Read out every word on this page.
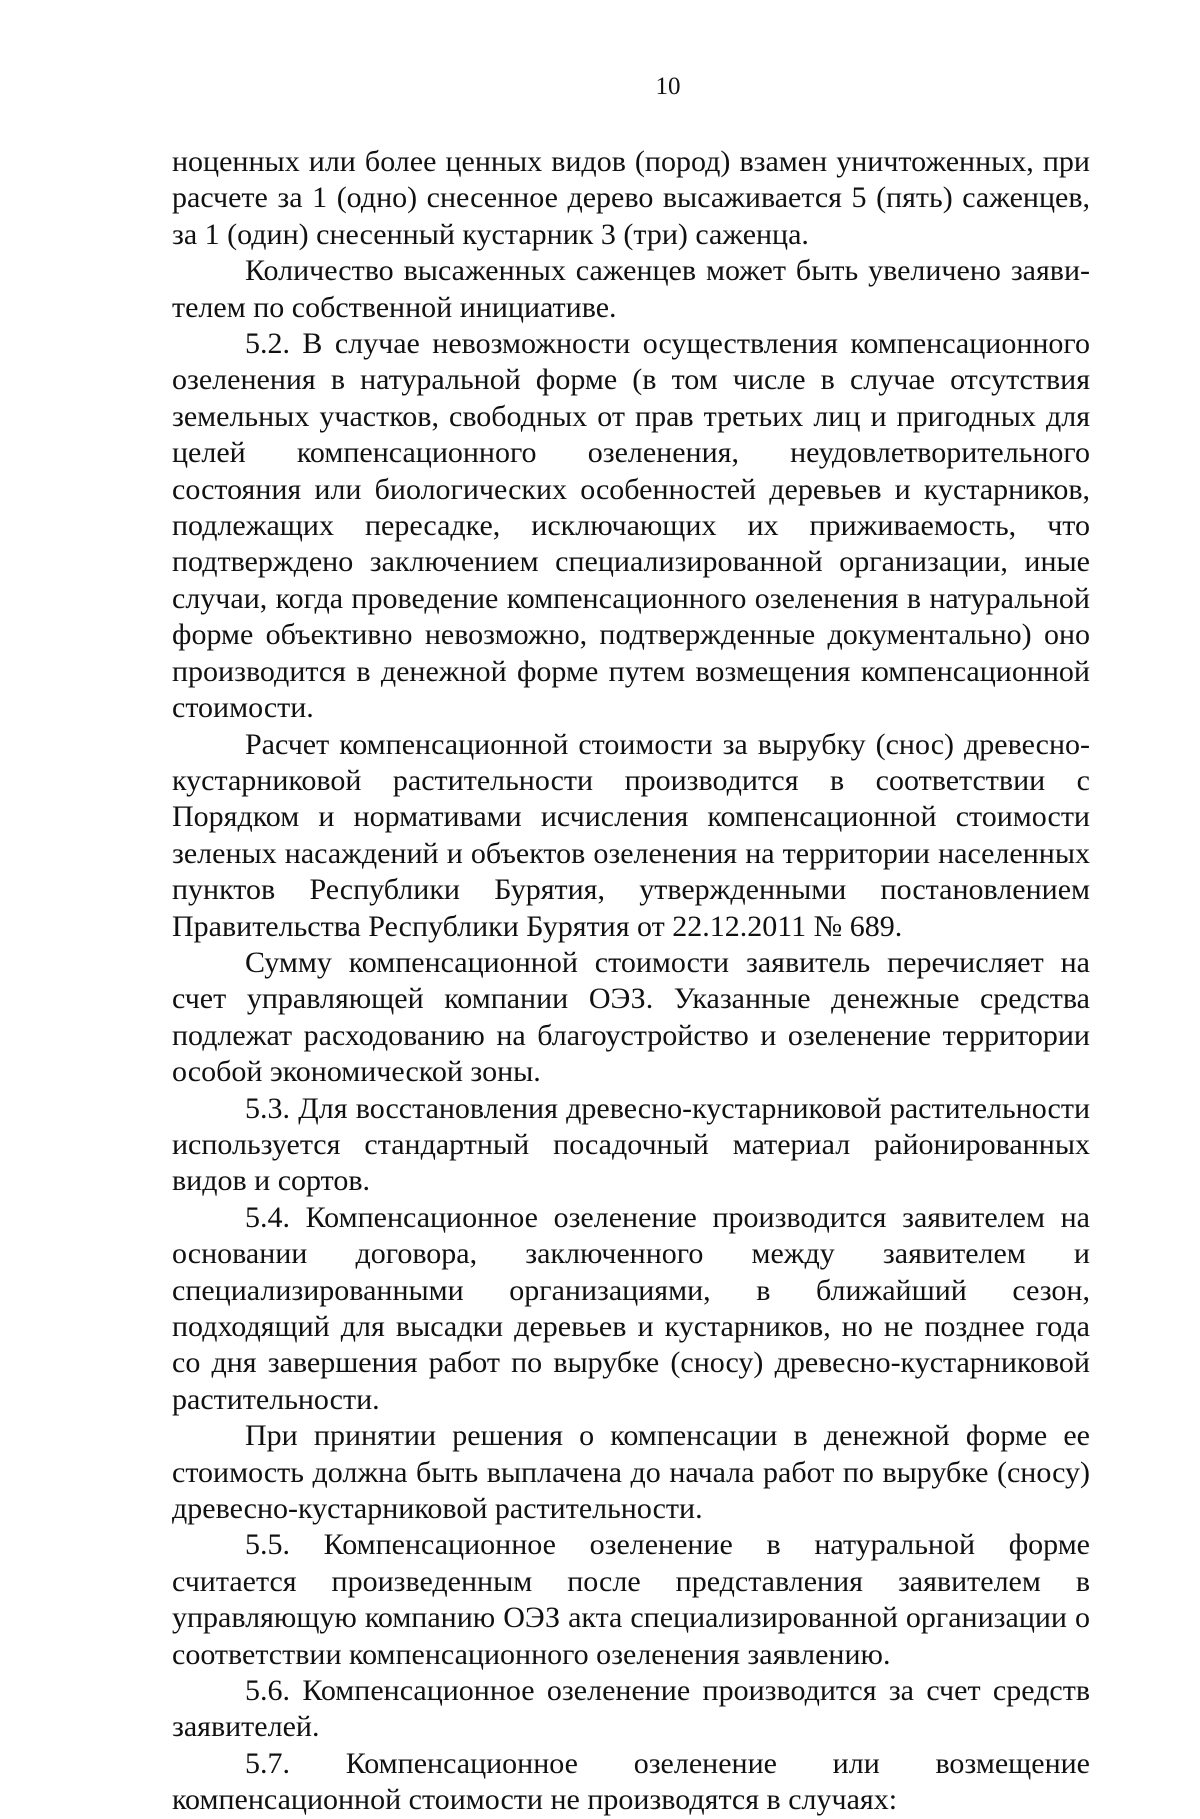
10

ноценных или более ценных видов (пород) взамен уничтоженных, при расчете за 1 (одно) снесенное дерево высаживается 5 (пять) саженцев, за 1 (один) снесенный кустарник 3 (три) саженца.

Количество высаженных саженцев может быть увеличено заявителем по собственной инициативе.

5.2. В случае невозможности осуществления компенсационного озеленения в натуральной форме (в том числе в случае отсутствия земельных участков, свободных от прав третьих лиц и пригодных для целей компенсационного озеленения, неудовлетворительного состояния или биологических особенностей деревьев и кустарников, подлежащих пересадке, исключающих их приживаемость, что подтверждено заключением специализированной организации, иные случаи, когда проведение компенсационного озеленения в натуральной форме объективно невозможно, подтвержденные документально) оно производится в денежной форме путем возмещения компенсационной стоимости.

Расчет компенсационной стоимости за вырубку (снос) древесно-кустарниковой растительности производится в соответствии с Порядком и нормативами исчисления компенсационной стоимости зеленых насаждений и объектов озеленения на территории населенных пунктов Республики Бурятия, утвержденными постановлением Правительства Республики Бурятия от 22.12.2011 № 689.

Сумму компенсационной стоимости заявитель перечисляет на счет управляющей компании ОЭЗ. Указанные денежные средства подлежат расходованию на благоустройство и озеленение территории особой экономической зоны.

5.3. Для восстановления древесно-кустарниковой растительности используется стандартный посадочный материал районированных видов и сортов.

5.4. Компенсационное озеленение производится заявителем на основании договора, заключенного между заявителем и специализированными организациями, в ближайший сезон, подходящий для высадки деревьев и кустарников, но не позднее года со дня завершения работ по вырубке (сносу) древесно-кустарниковой растительности.

При принятии решения о компенсации в денежной форме ее стоимость должна быть выплачена до начала работ по вырубке (сносу) древесно-кустарниковой растительности.

5.5. Компенсационное озеленение в натуральной форме считается произведенным после представления заявителем в управляющую компанию ОЭЗ акта специализированной организации о соответствии компенсационного озеленения заявлению.

5.6. Компенсационное озеленение производится за счет средств заявителей.

5.7. Компенсационное озеленение или возмещение компенсационной стоимости не производятся в случаях:
